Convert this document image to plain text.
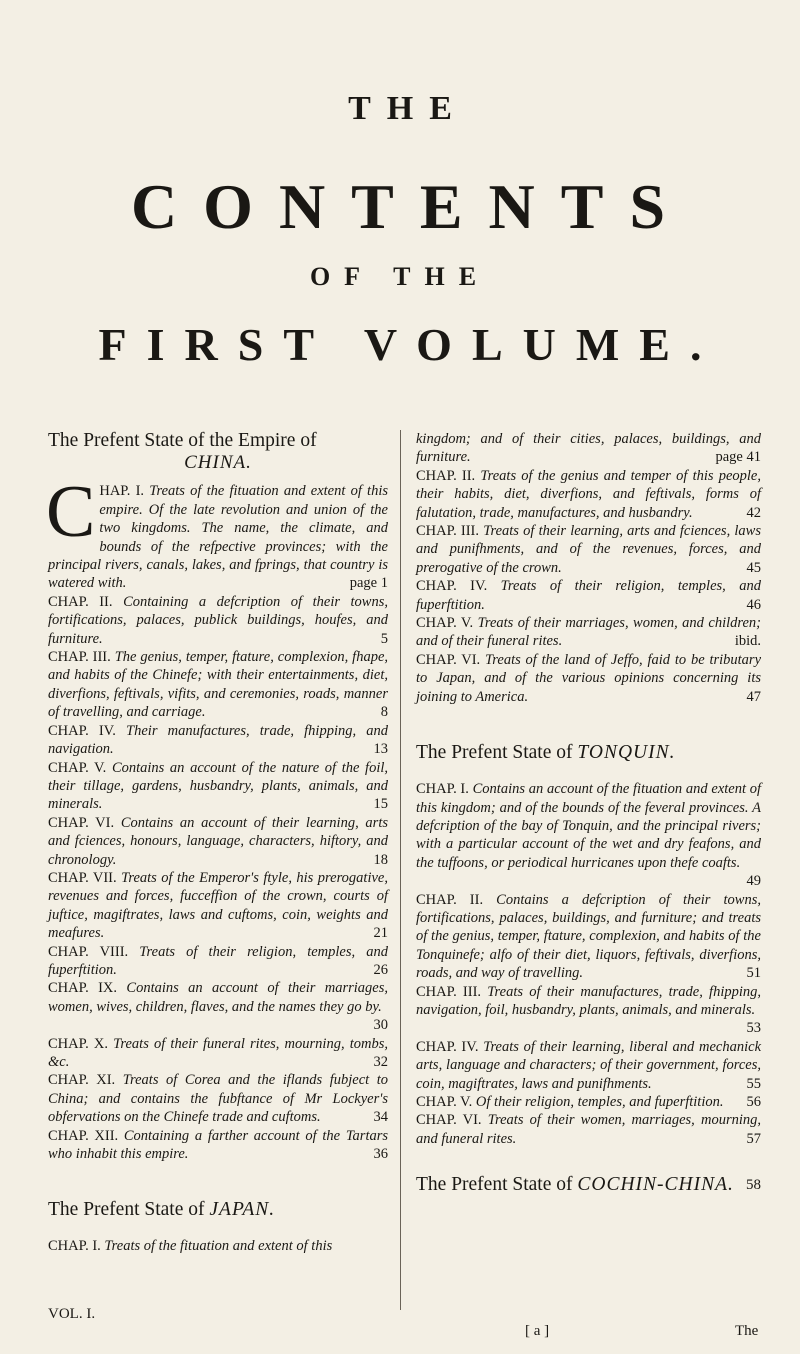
THE
CONTENTS
OF THE
FIRST VOLUME.
The Prefent State of the Empire of
CHINA.
C HAP. I. Treats of the fituation and extent of this empire. Of the late revolution and union of the two kingdoms. The name, the climate, and bounds of the refpective provinces; with the principal rivers, canals, lakes, and fprings, that country is watered with.	page 1
CHAP. II. Containing a defcription of their towns, fortifications, palaces, publick buildings, houfes, and furniture.	5
CHAP. III. The genius, temper, ftature, complexion, fhape, and habits of the Chinefe; with their entertainments, diet, diverfions, feftivals, vifits, and ceremonies, roads, manner of travelling, and carriage.	8
CHAP. IV. Their manufactures, trade, fhipping, and navigation.	13
CHAP. V. Contains an account of the nature of the foil, their tillage, gardens, husbandry, plants, animals, and minerals.	15
CHAP. VI. Contains an account of their learning, arts and fciences, honours, language, characters, hiftory, and chronology.	18
CHAP. VII. Treats of the Emperor's ftyle, his prerogative, revenues and forces, fucceffion of the crown, courts of juftice, magiftrates, laws and cuftoms, coin, weights and meafures.	21
CHAP. VIII. Treats of their religion, temples, and fuperftition.	26
CHAP. IX. Contains an account of their marriages, women, wives, children, flaves, and the names they go by.
30
CHAP. X. Treats of their funeral rites, mourning, tombs, &c.	32
CHAP. XI. Treats of Corea and the iflands fubject to China; and contains the fubftance of Mr Lockyer's obfervations on the Chinefe trade and cuftoms.	34
CHAP. XII. Containing a farther account of the Tartars who inhabit this empire.	36
The Prefent State of JAPAN.
CHAP. I. Treats of the fituation and extent of this
VOL. I.
kingdom; and of their cities, palaces, buildings, and furniture.	page 41
CHAP. II. Treats of the genius and temper of this people, their habits, diet, diverfions, and feftivals, forms of falutation, trade, manufactures, and husbandry.	42
CHAP. III. Treats of their learning, arts and fciences, laws and punifhments, and of the revenues, forces, and prerogative of the crown.	45
CHAP. IV. Treats of their religion, temples, and fuperftition.	46
CHAP. V. Treats of their marriages, women, and children; and of their funeral rites.	ibid.
CHAP. VI. Treats of the land of Jeffo, faid to be tributary to Japan, and of the various opinions concerning its joining to America.	47
The Prefent State of TONQUIN.
CHAP. I. Contains an account of the fituation and extent of this kingdom; and of the bounds of the feveral provinces. A defcription of the bay of Tonquin, and the principal rivers; with a particular account of the wet and dry feafons, and the tuffoons, or periodical hurricanes upon thefe coafts.
49
CHAP. II. Contains a defcription of their towns, fortifications, palaces, buildings, and furniture; and treats of the genius, temper, ftature, complexion, and habits of the Tonquinefe; alfo of their diet, liquors, feftivals, diverfions, roads, and way of travelling.	51
CHAP. III. Treats of their manufactures, trade, fhipping, navigation, foil, husbandry, plants, animals, and minerals.
53
CHAP. IV. Treats of their learning, liberal and mechanick arts, language and characters; of their government, forces, coin, magiftrates, laws and punifhments.	55
CHAP. V. Of their religion, temples, and fuperftition. 56
CHAP. VI. Treats of their women, marriages, mourning, and funeral rites.	57
The Prefent State of COCHIN-CHINA. 58
[ a ]	The
